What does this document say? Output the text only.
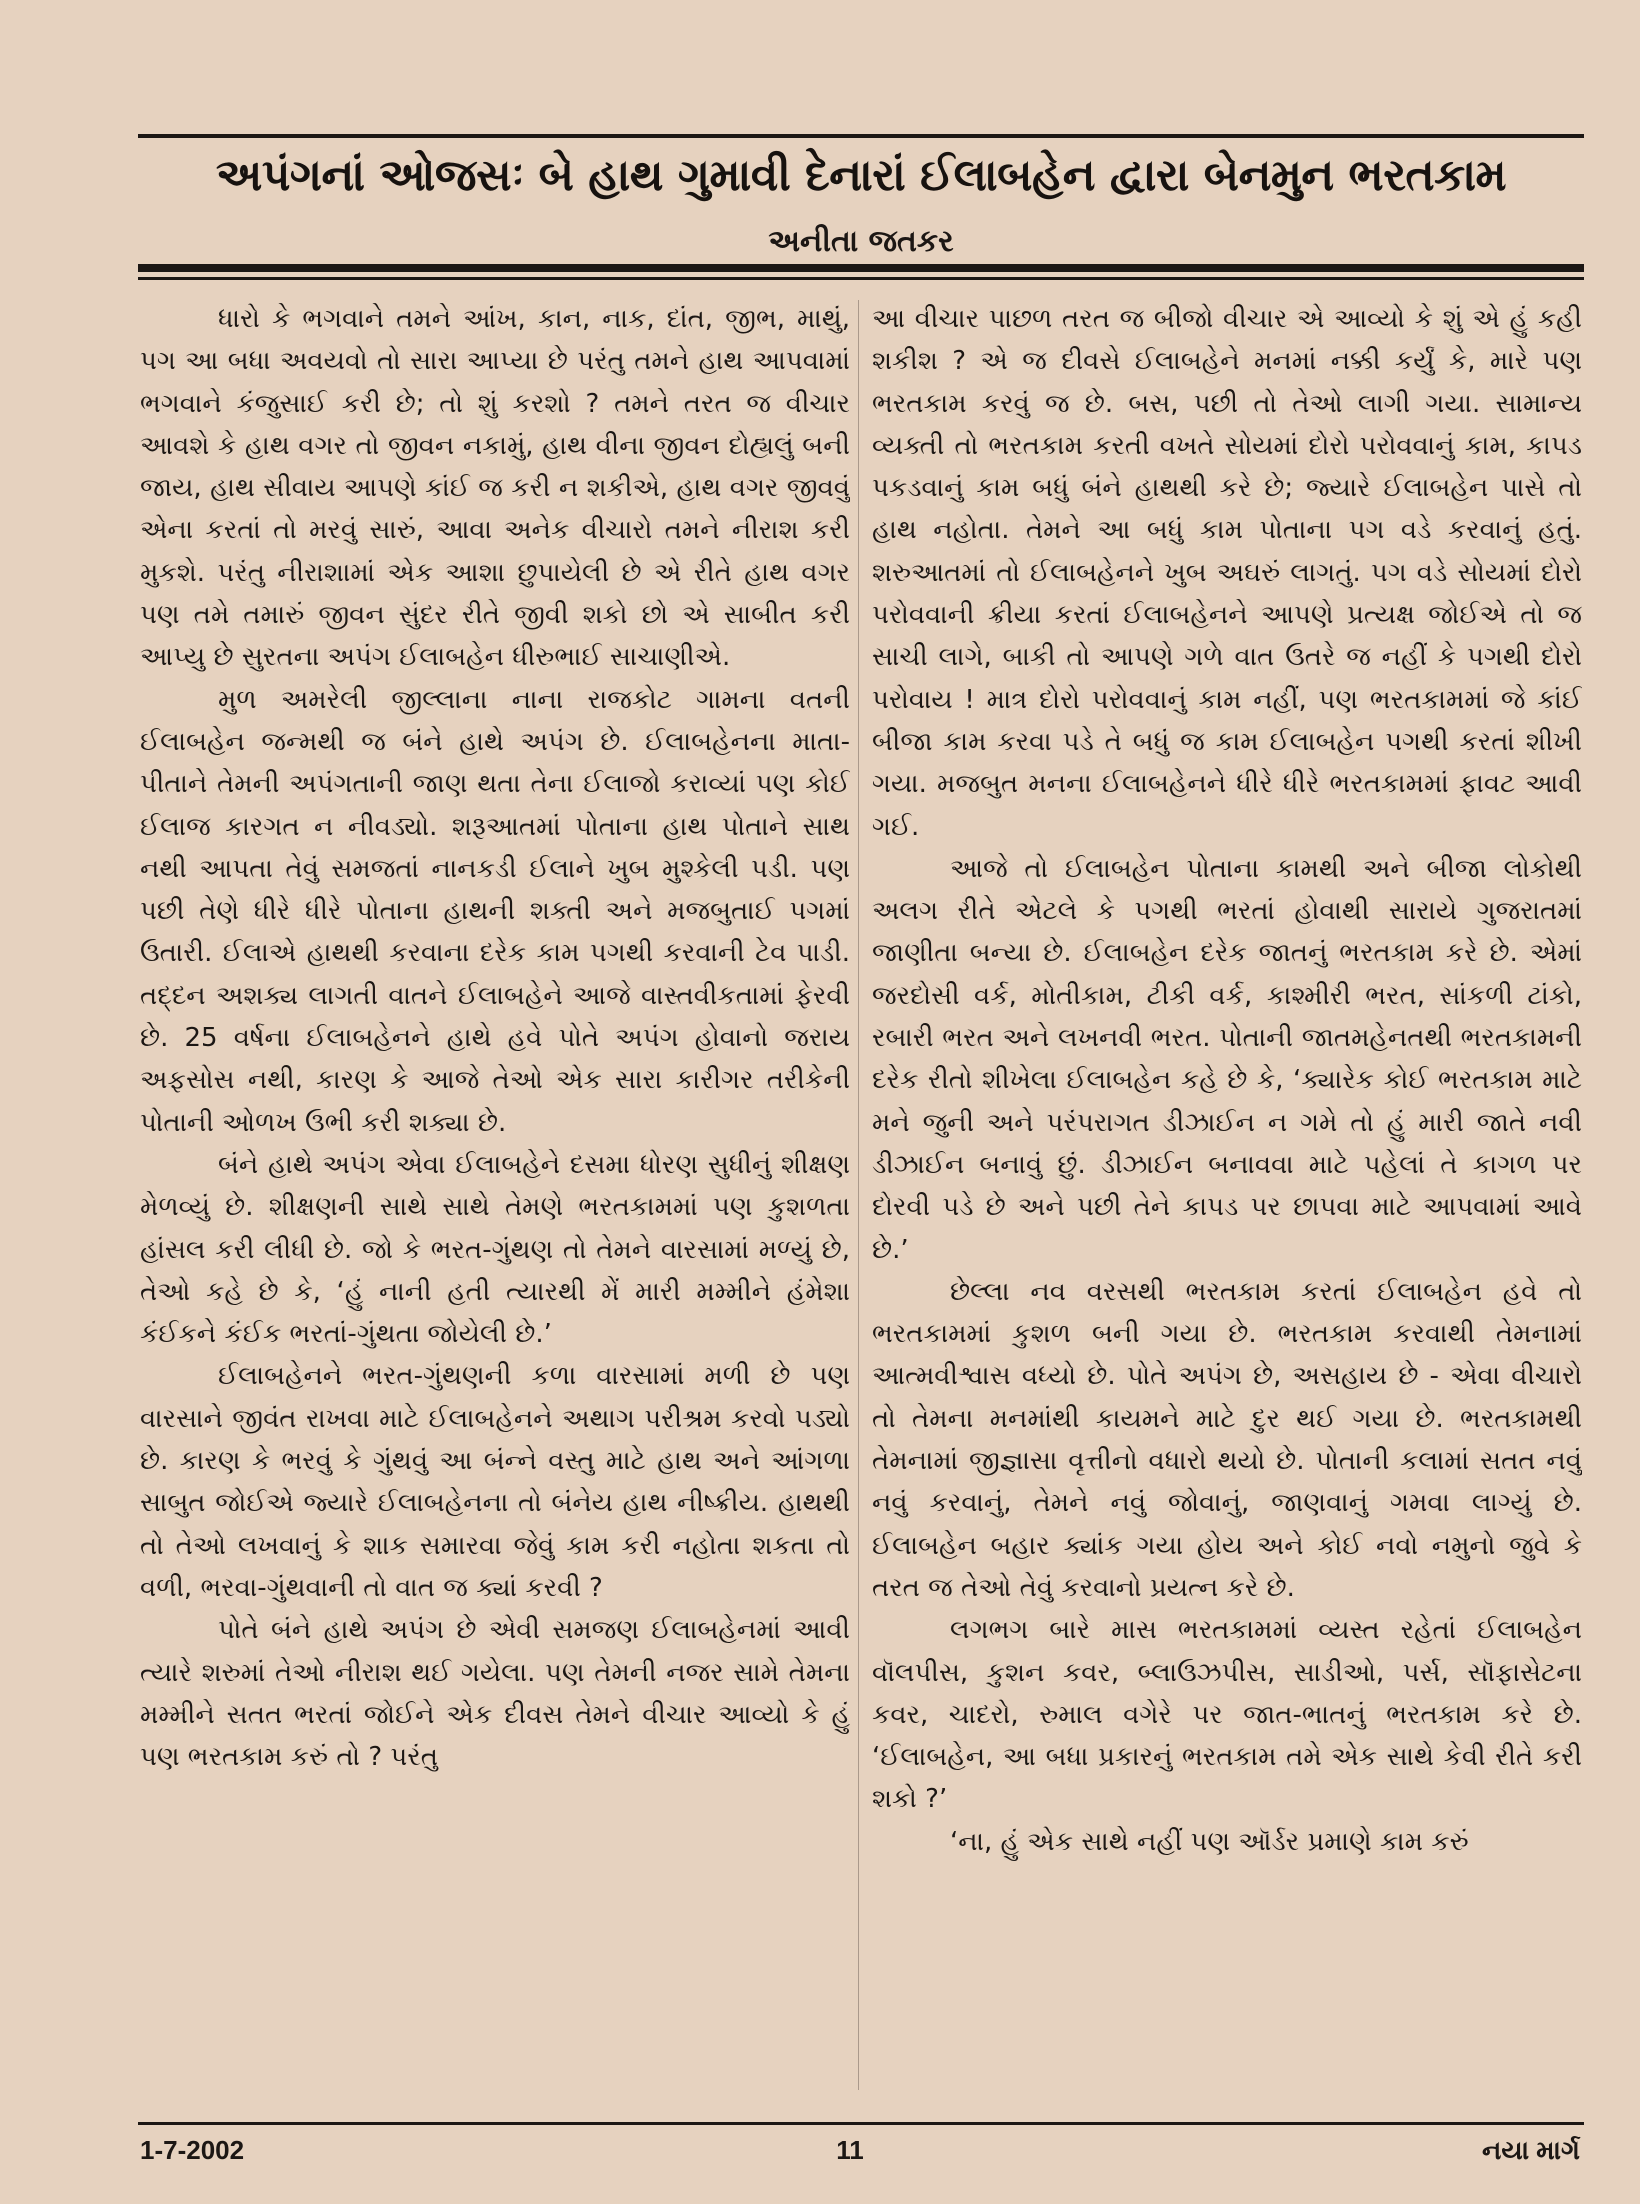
અપંગનાં ઓજસઃ બે હાથ ગુમાવી દેનારાં ઈલાબહેન દ્વારા બેનમુન ભરતકામ
અનીતા જતકર

ધારો કે ભગવાને તમને આંખ, કાન, નાક, દાંત, જીભ, માથું, પગ આ બધા અવયવો તો સારા આપ્યા છે પરંતુ તમને હાથ આપવામાં ભગવાને કંજુસાઈ કરી છે; તો શું કરશો ? તમને તરત જ વીચાર આવશે કે હાથ વગર તો જીવન નકામું, હાથ વીના જીવન દોહ્યલું બની જાય, હાથ સીવાય આપણે કાંઈ જ કરી ન શકીએ, હાથ વગર જીવવું એના કરતાં તો મરવું સારું, આવા અનેક વીચારો તમને નીરાશ કરી મુકશે. પરંતુ નીરાશામાં એક આશા છુપાયેલી છે એ રીતે હાથ વગર પણ તમે તમારું જીવન સુંદર રીતે જીવી શકો છો એ સાબીત કરી આપ્યુ છે સુરતના અપંગ ઈલાબહેન ધીરુભાઈ સાચાણીએ.

મુળ અમરેલી જીલ્લાના નાના રાજકોટ ગામના વતની ઈલાબહેન જન્મથી જ બંને હાથે અપંગ છે. ઈલાબહેનના માતા-પીતાને તેમની અપંગતાની જાણ થતા તેના ઈલાજો કરાવ્યાં પણ કોઈ ઈલાજ કારગત ન નીવડ્યો. શરૂઆતમાં પોતાના હાથ પોતાને સાથ નથી આપતા તેવું સમજતાં નાનકડી ઈલાને ખુબ મુશ્કેલી પડી. પણ પછી તેણે ધીરે ધીરે પોતાના હાથની શક્તી અને મજબુતાઈ પગમાં ઉતારી. ઈલાએ હાથથી કરવાના દરેક કામ પગથી કરવાની ટેવ પાડી. તદ્દન અશક્ય લાગતી વાતને ઈલાબહેને આજે વાસ્તવીકતામાં ફેરવી છે. 25 વર્ષના ઈલાબહેનને હાથે હવે પોતે અપંગ હોવાનો જરાય અફસોસ નથી, કારણ કે આજે તેઓ એક સારા કારીગર તરીકેની પોતાની ઓળખ ઉભી કરી શક્યા છે.

બંને હાથે અપંગ એવા ઈલાબહેને દસમા ધોરણ સુધીનું શીક્ષણ મેળવ્યું છે. શીક્ષણની સાથે સાથે તેમણે ભરતકામમાં પણ કુશળતા હાંસલ કરી લીધી છે. જો કે ભરત-ગુંથણ તો તેમને વારસામાં મળ્યું છે, તેઓ કહે છે કે, ‘હું નાની હતી ત્યારથી મેં મારી મમ્મીને હંમેશા કંઈકને કંઈક ભરતાં-ગુંથતા જોયેલી છે.’

ઈલાબહેનને ભરત-ગુંથણની કળા વારસામાં મળી છે પણ વારસાને જીવંત રાખવા માટે ઈલાબહેનને અથાગ પરીશ્રમ કરવો પડ્યો છે. કારણ કે ભરવું કે ગુંથવું આ બંન્ને વસ્તુ માટે હાથ અને આંગળા સાબુત જોઈએ જ્યારે ઈલાબહેનના તો બંનેય હાથ નીષ્ક્રીય. હાથથી તો તેઓ લખવાનું કે શાક સમારવા જેવું કામ કરી નહોતા શકતા તો વળી, ભરવા-ગુંથવાની તો વાત જ ક્યાં કરવી ?

પોતે બંને હાથે અપંગ છે એવી સમજણ ઈલાબહેનમાં આવી ત્યારે શરુમાં તેઓ નીરાશ થઈ ગયેલા. પણ તેમની નજર સામે તેમના મમ્મીને સતત ભરતાં જોઈને એક દીવસ તેમને વીચાર આવ્યો કે હું પણ ભરતકામ કરું તો ? પરંતુ

આ વીચાર પાછળ તરત જ બીજો વીચાર એ આવ્યો કે શું એ હું કહી શકીશ ? એ જ દીવસે ઈલાબહેને મનમાં નક્કી કર્યું કે, મારે પણ ભરતકામ કરવું જ છે. બસ, પછી તો તેઓ લાગી ગયા. સામાન્ય વ્યક્તી તો ભરતકામ કરતી વખતે સોયમાં દોરો પરોવવાનું કામ, કાપડ પકડવાનું કામ બધું બંને હાથથી કરે છે; જ્યારે ઈલાબહેન પાસે તો હાથ નહોતા. તેમને આ બધું કામ પોતાના પગ વડે કરવાનું હતું. શરુઆતમાં તો ઈલાબહેનને ખુબ અઘરું લાગતું. પગ વડે સોયમાં દોરો પરોવવાની ક્રીયા કરતાં ઈલાબહેનને આપણે પ્રત્યક્ષ જોઈએ તો જ સાચી લાગે, બાકી તો આપણે ગળે વાત ઉતરે જ નહીં કે પગથી દોરો પરોવાય ! માત્ર દોરો પરોવવાનું કામ નહીં, પણ ભરતકામમાં જે કાંઈ બીજા કામ કરવા પડે તે બધું જ કામ ઈલાબહેન પગથી કરતાં શીખી ગયા. મજબુત મનના ઈલાબહેનને ધીરે ધીરે ભરતકામમાં ફાવટ આવી ગઈ.

આજે તો ઈલાબહેન પોતાના કામથી અને બીજા લોકોથી અલગ રીતે એટલે કે પગથી ભરતાં હોવાથી સારાયે ગુજરાતમાં જાણીતા બન્યા છે. ઈલાબહેન દરેક જાતનું ભરતકામ કરે છે. એમાં જરદોસી વર્ક, મોતીકામ, ટીકી વર્ક, કાશ્મીરી ભરત, સાંકળી ટાંકો, રબારી ભરત અને લખનવી ભરત. પોતાની જાતમહેનતથી ભરતકામની દરેક રીતો શીખેલા ઈલાબહેન કહે છે કે, ‘ક્યારેક કોઈ ભરતકામ માટે મને જુની અને પરંપરાગત ડીઝાઈન ન ગમે તો હું મારી જાતે નવી ડીઝાઈન બનાવું છું. ડીઝાઈન બનાવવા માટે પહેલાં તે કાગળ પર દોરવી પડે છે અને પછી તેને કાપડ પર છાપવા માટે આપવામાં આવે છે.’

છેલ્લા નવ વરસથી ભરતકામ કરતાં ઈલાબહેન હવે તો ભરતકામમાં કુશળ બની ગયા છે. ભરતકામ કરવાથી તેમનામાં આત્મવીશ્વાસ વધ્યો છે. પોતે અપંગ છે, અસહાય છે - એવા વીચારો તો તેમના મનમાંથી કાયમને માટે દુર થઈ ગયા છે. ભરતકામથી તેમનામાં જીજ્ઞાસા વૃત્તીનો વધારો થયો છે. પોતાની કલામાં સતત નવું નવું કરવાનું, તેમને નવું જોવાનું, જાણવાનું ગમવા લાગ્યું છે. ઈલાબહેન બહાર ક્યાંક ગયા હોય અને કોઈ નવો નમુનો જુવે કે તરત જ તેઓ તેવું કરવાનો પ્રયત્ન કરે છે.

લગભગ બારે માસ ભરતકામમાં વ્યસ્ત રહેતાં ઈલાબહેન વૉલપીસ, કુશન કવર, બ્લાઉઝપીસ, સાડીઓ, પર્સ, સૉફાસેટના કવર, ચાદરો, રુમાલ વગેરે પર જાત-ભાતનું ભરતકામ કરે છે. ‘ઈલાબહેન, આ બધા પ્રકારનું ભરતકામ તમે એક સાથે કેવી રીતે કરી શકો ?’

‘ના, હું એક સાથે નહીં પણ ઑર્ડર પ્રમાણે કામ કરું

1-7-2002	11	નયા માર્ગ
